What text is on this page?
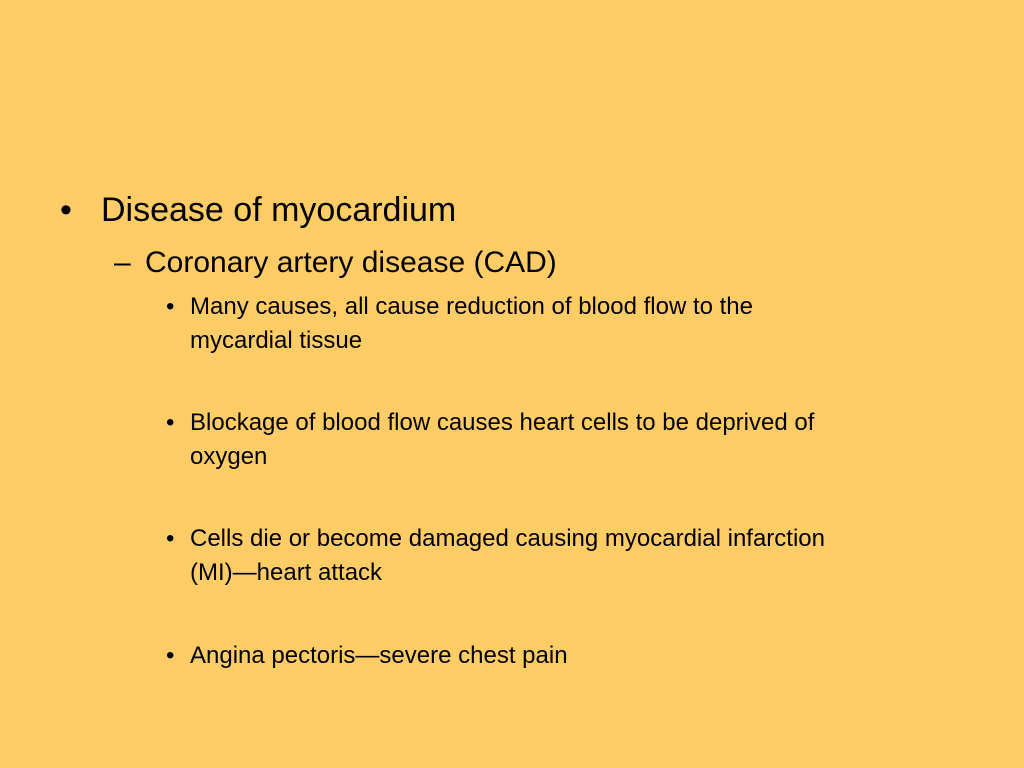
• Disease of myocardium
– Coronary artery disease (CAD)
• Many causes, all cause reduction of blood flow to the
mycardial tissue
• Blockage of blood flow causes heart cells to be deprived of
oxygen
• Cells die or become damaged causing myocardial infarction
(MI)—heart attack
• Angina pectoris—severe chest pain
